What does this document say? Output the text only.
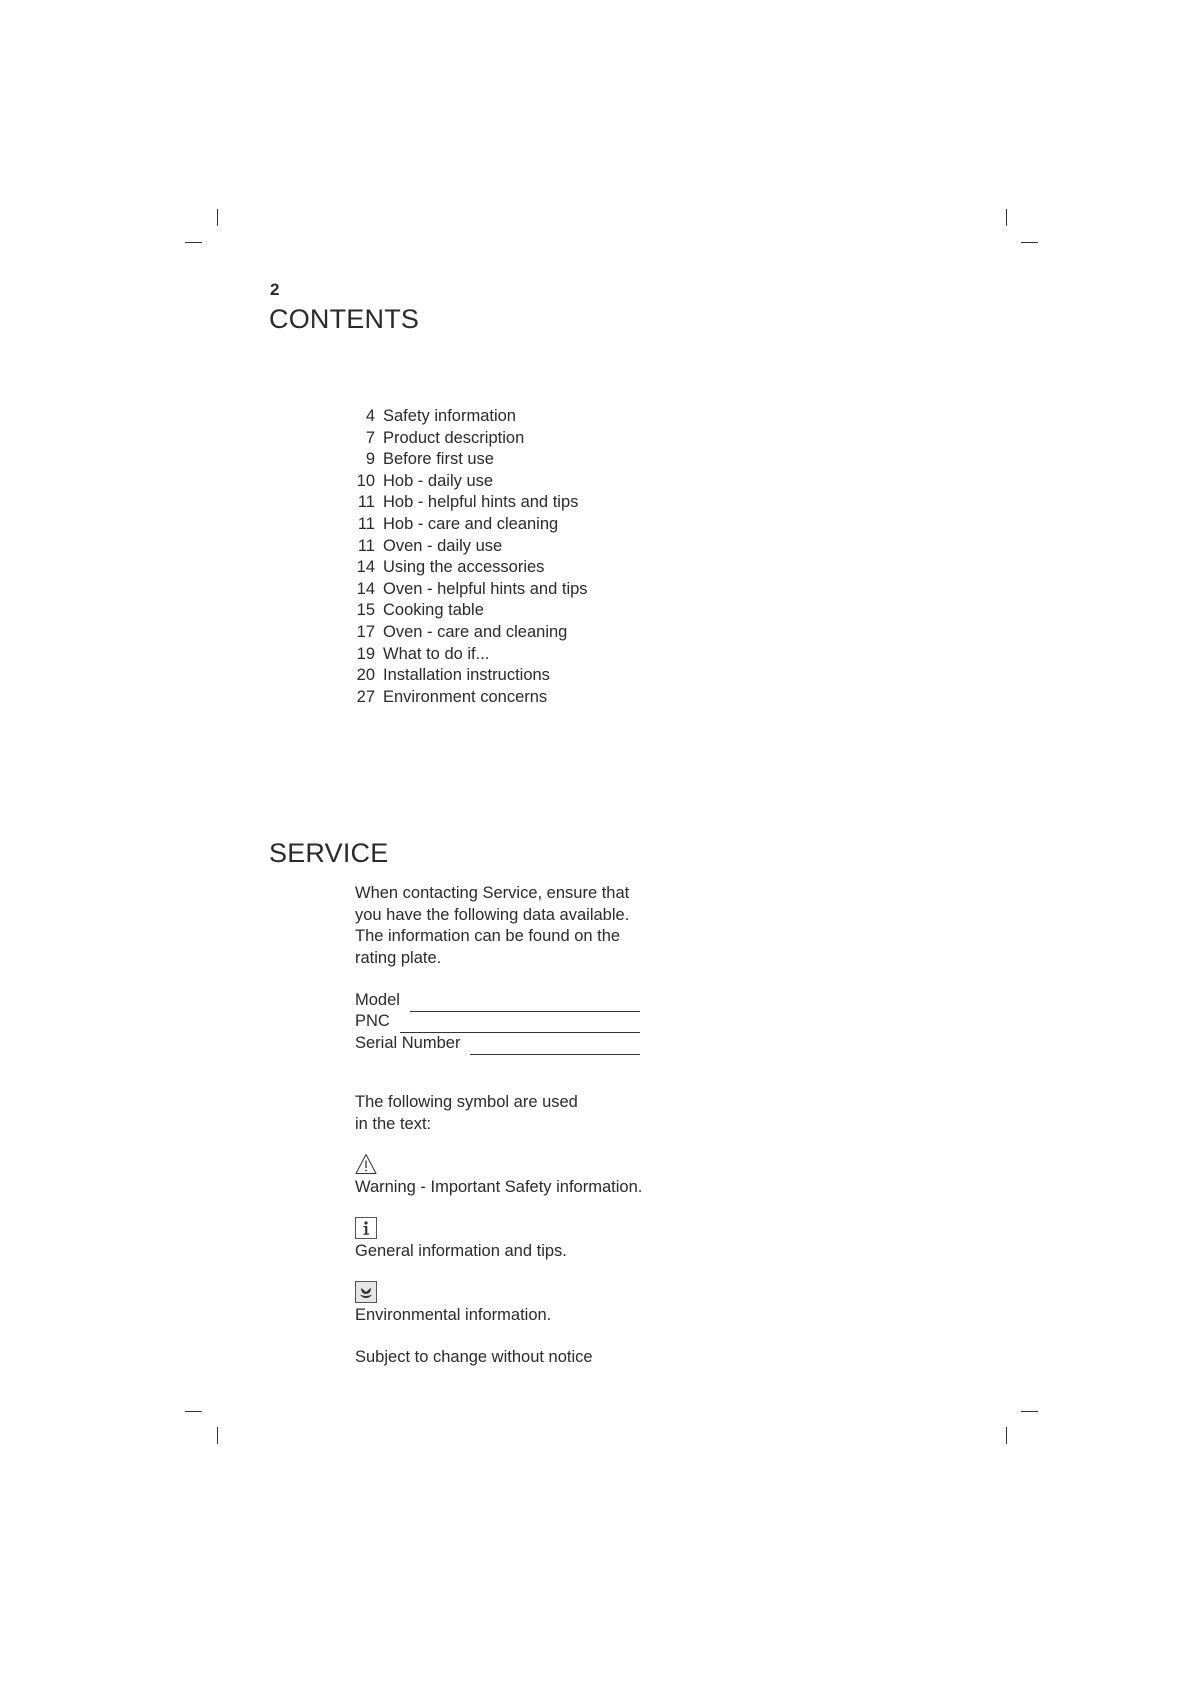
2
CONTENTS
4 Safety information
7 Product description
9 Before first use
10 Hob - daily use
11 Hob - helpful hints and tips
11 Hob - care and cleaning
11 Oven - daily use
14 Using the accessories
14 Oven - helpful hints and tips
15 Cooking table
17 Oven - care and cleaning
19 What to do if...
20 Installation instructions
27 Environment concerns
SERVICE

When contacting Service, ensure that you have the following data available. The information can be found on the rating plate.

Model
PNC
Serial Number

The following symbol are used
in the text:

Warning - Important Safety information.

General information and tips.

Environmental information.

Subject to change without notice
